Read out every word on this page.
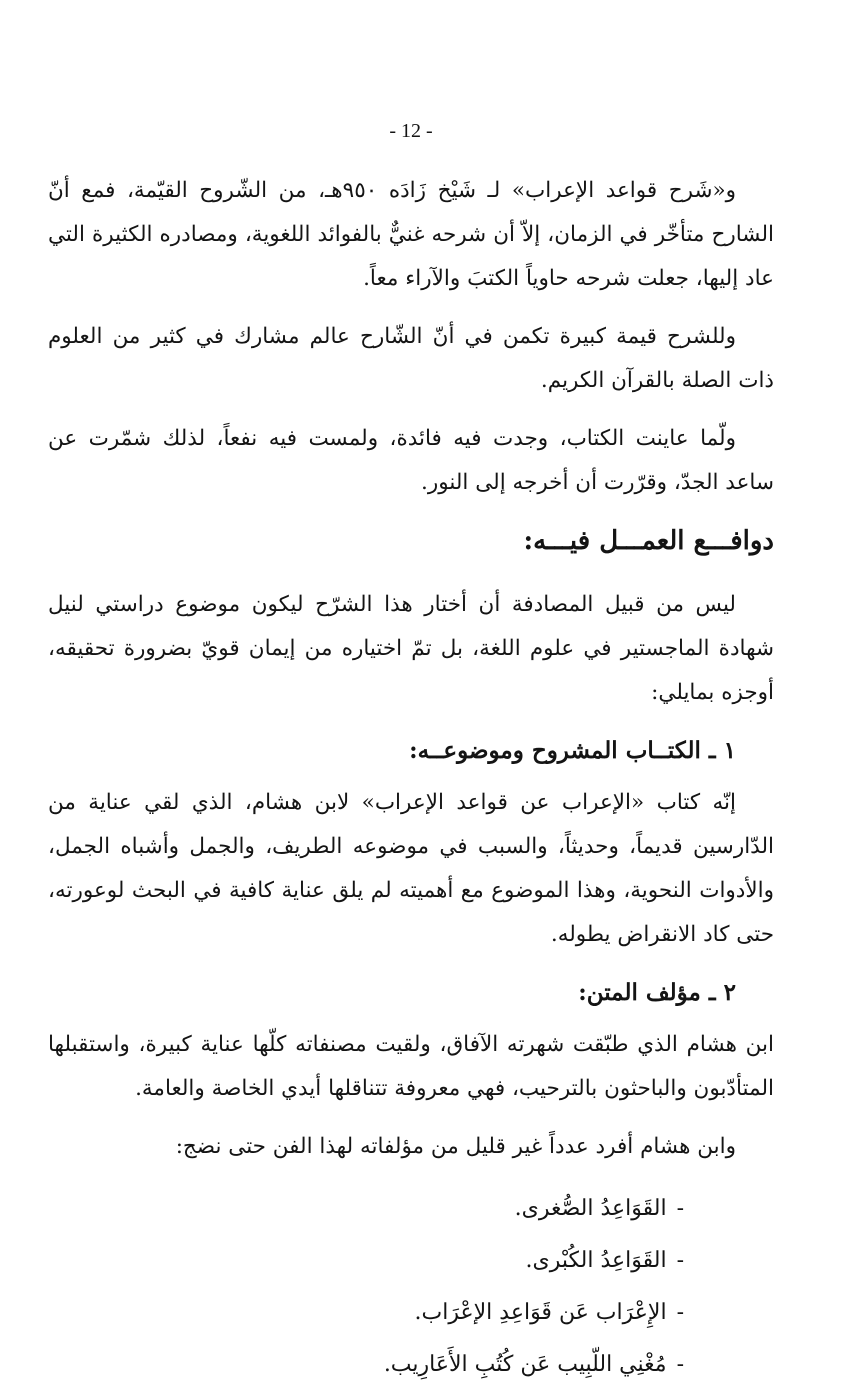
- 12 -

و«شَرح قواعد الإعراب» لـ شَيْخ زَادَه ٩٥٠هـ، من الشّروح القيّمة، فمع أنّ الشارح متأخّر في الزمان، إلاّ أن شرحه غنيٌّ بالفوائد اللغوية، ومصادره الكثيرة التي عاد إليها، جعلت شرحه حاوياً الكتبَ والآراء معاً.

وللشرح قيمة كبيرة تكمن في أنّ الشّارح عالم مشارك في كثير من العلوم ذات الصلة بالقرآن الكريم.

ولّما عاينت الكتاب، وجدت فيه فائدة، ولمست فيه نفعاً، لذلك شمّرت عن ساعد الجدّ، وقرّرت أن أخرجه إلى النور.

دوافـــع العمـــل فيـــه:

ليس من قبيل المصادفة أن أختار هذا الشرّح ليكون موضوع دراستي لنيل شهادة الماجستير في علوم اللغة، بل تمّ اختياره من إيمان قويّ بضرورة تحقيقه، أوجزه بمايلي:

١ ـ الكتــاب المشروح وموضوعــه:

إنّه كتاب «الإعراب عن قواعد الإعراب» لابن هشام، الذي لقي عناية من الدّارسين قديماً، وحديثاً، والسبب في موضوعه الطريف، والجمل وأشباه الجمل، والأدوات النحوية، وهذا الموضوع مع أهميته لم يلق عناية كافية في البحث لوعورته، حتى كاد الانقراض يطوله.

٢ ـ مؤلف المتن:

ابن هشام الذي طبّقت شهرته الآفاق، ولقيت مصنفاته كلّها عناية كبيرة، واستقبلها المتأدّبون والباحثون بالترحيب، فهي معروفة تتناقلها أيدي الخاصة والعامة.

وابن هشام أفرد عدداً غير قليل من مؤلفاته لهذا الفن حتى نضج:

-القَوَاعِدُ الصُّغرى.
-القَوَاعِدُ الكُبْرى.
-الإِعْرَاب عَن قَوَاعِدِ الإعْرَاب.
-مُغْنِي اللّبِيب عَن كُتُبِ الأَعَارِيب.
